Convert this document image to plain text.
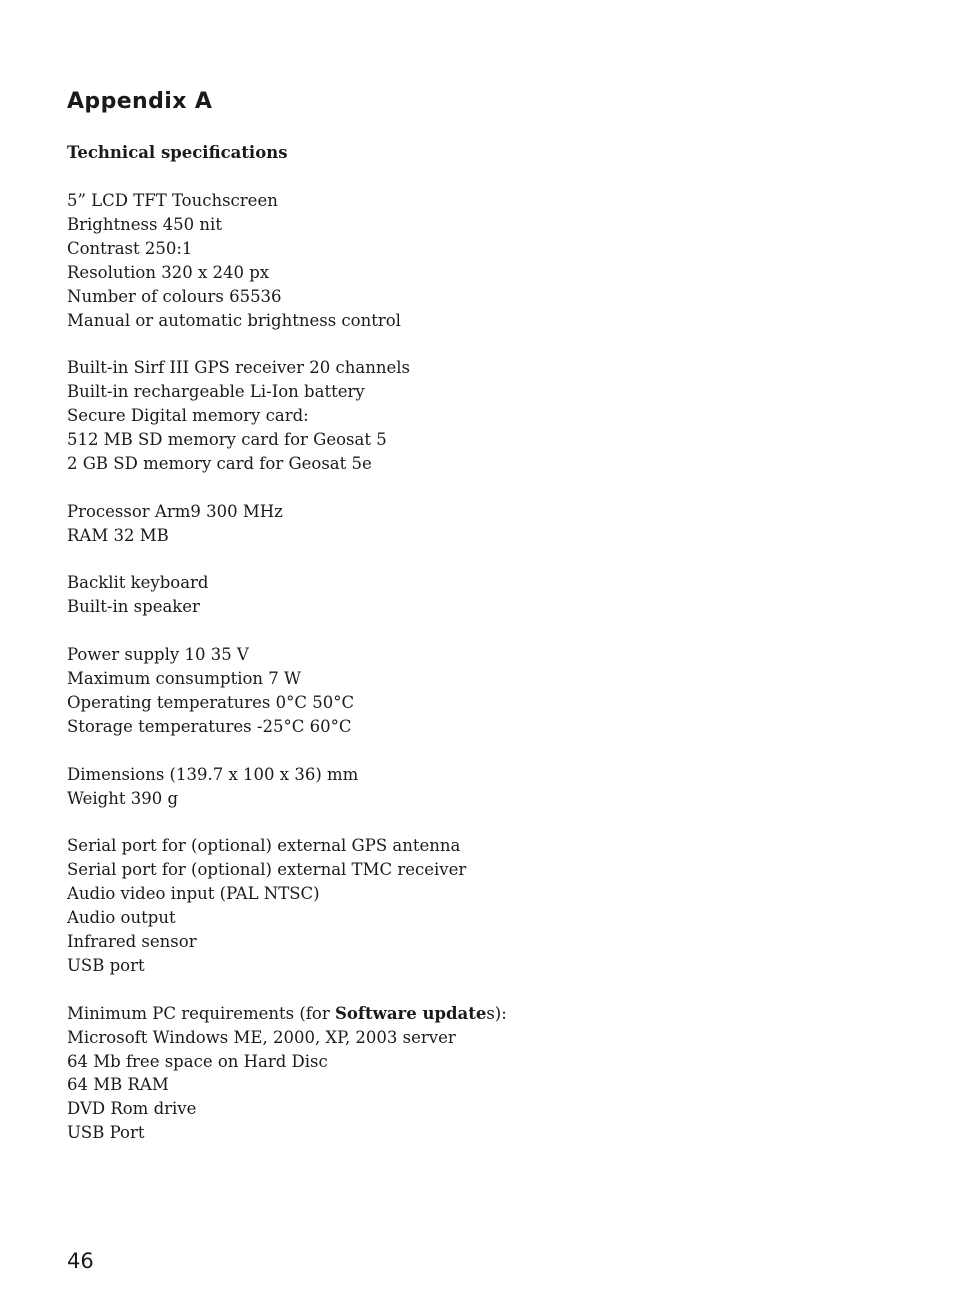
Appendix A
Technical specifications
5” LCD TFT Touchscreen
Brightness 450 nit
Contrast 250:1
Resolution 320 x 240 px
Number of colours 65536
Manual or automatic brightness control
Built-in Sirf III GPS receiver 20 channels
Built-in rechargeable Li-Ion battery
Secure Digital memory card:
512 MB SD memory card for Geosat 5
2 GB SD memory card for Geosat 5e
Processor Arm9 300 MHz
RAM 32 MB
Backlit keyboard
Built-in speaker
Power supply 10 35 V
Maximum consumption 7 W
Operating temperatures 0°C 50°C
Storage temperatures -25°C 60°C
Dimensions (139.7 x 100 x 36) mm
Weight 390 g
Serial port for (optional) external GPS antenna
Serial port for (optional) external TMC receiver
Audio video input (PAL NTSC)
Audio output
Infrared sensor
USB port
Minimum PC requirements (for Software updates):
Microsoft Windows ME, 2000, XP, 2003 server
64 Mb free space on Hard Disc
64 MB RAM
DVD Rom drive
USB Port
46
